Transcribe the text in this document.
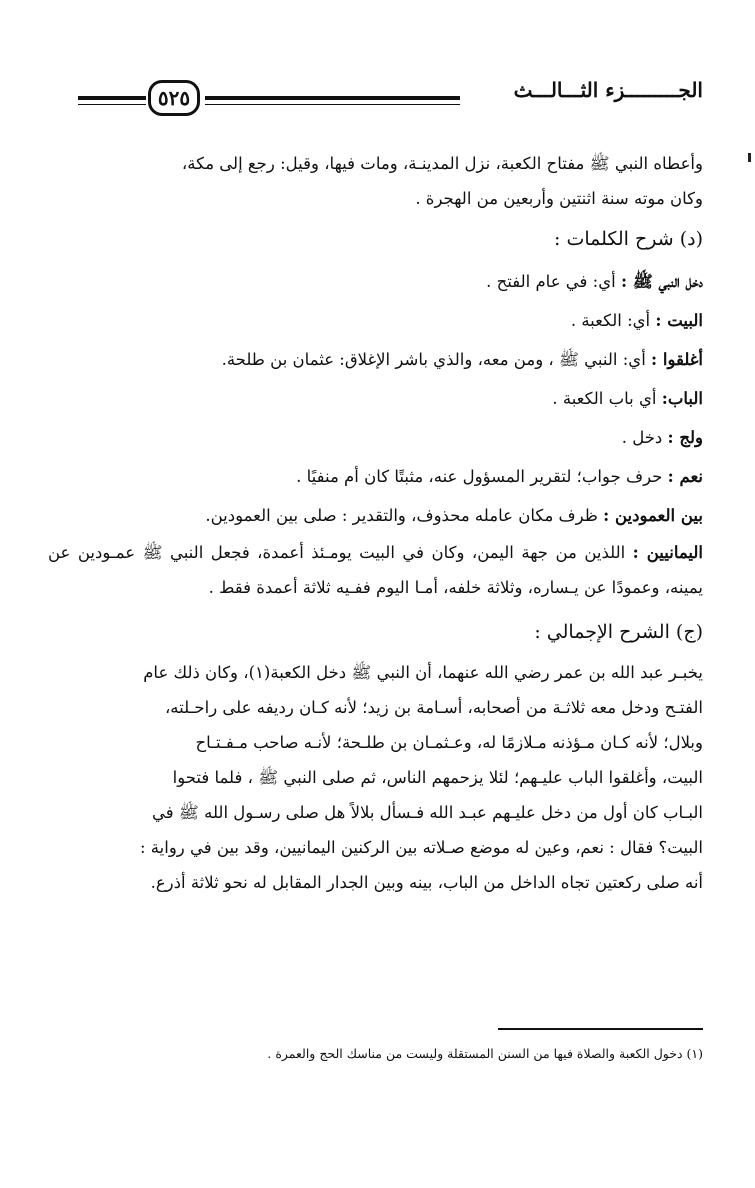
الجـــــــــزء الثـــالـــث
٥٢٥

وأعطاه النبي ﷺ مفتاح الكعبة، نزل المدينـة، ومات فيها، وقيل: رجع إلى مكة،

وكان موته سنة اثنتين وأربعين من الهجرة .

(د) شرح الكلمات :
دخل النبي ﷺ : أي: في عام الفتح .
البيت : أي: الكعبة .
أغلقوا : أي: النبي ﷺ ، ومن معه، والذي باشر الإغلاق: عثمان بن طلحة.
الباب: أي باب الكعبة .
ولج : دخل .
نعم : حرف جواب؛ لتقرير المسؤول عنه، مثبتًا كان أم منفيًا .
بين العمودين : ظرف مكان عامله محذوف، والتقدير : صلى بين العمودين.
اليمانيين : اللذين من جهة اليمن، وكان في البيت يومـئذ أعمدة، فجعل النبي ﷺ عمـودين عن يمينه، وعمودًا عن يـساره، وثلاثة خلفه، أمـا اليوم ففـيه ثلاثة أعمدة فقط .
(ج) الشرح الإجمالي :

يخبـر عبد الله بن عمر رضي الله عنهما، أن النبي ﷺ دخل الكعبة(١)، وكان ذلك عام

الفتـح ودخل معه ثلاثـة من أصحابه، أسـامة بن زيد؛ لأنه كـان رديفه على راحـلته،

وبلال؛ لأنه كـان مـؤذنه مـلازمًا له، وعـثمـان بن طلـحة؛ لأنـه صاحب مـفـتـاح

البيت، وأغلقوا الباب عليـهم؛ لئلا يزحمهم الناس، ثم صلى النبي ﷺ ، فلما فتحوا

البـاب كان أول من دخل عليـهم عبـد الله فـسأل بلالاً هل صلى رسـول الله ﷺ في

البيت؟ فقال : نعم، وعين له موضع صـلاته بين الركنين اليمانيين، وقد بين في رواية :

أنه صلى ركعتين تجاه الداخل من الباب، بينه وبين الجدار المقابل له نحو ثلاثة أذرع.

(١) دخول الكعبة والصلاة فيها من السنن المستقلة وليست من مناسك الحج والعمرة .
